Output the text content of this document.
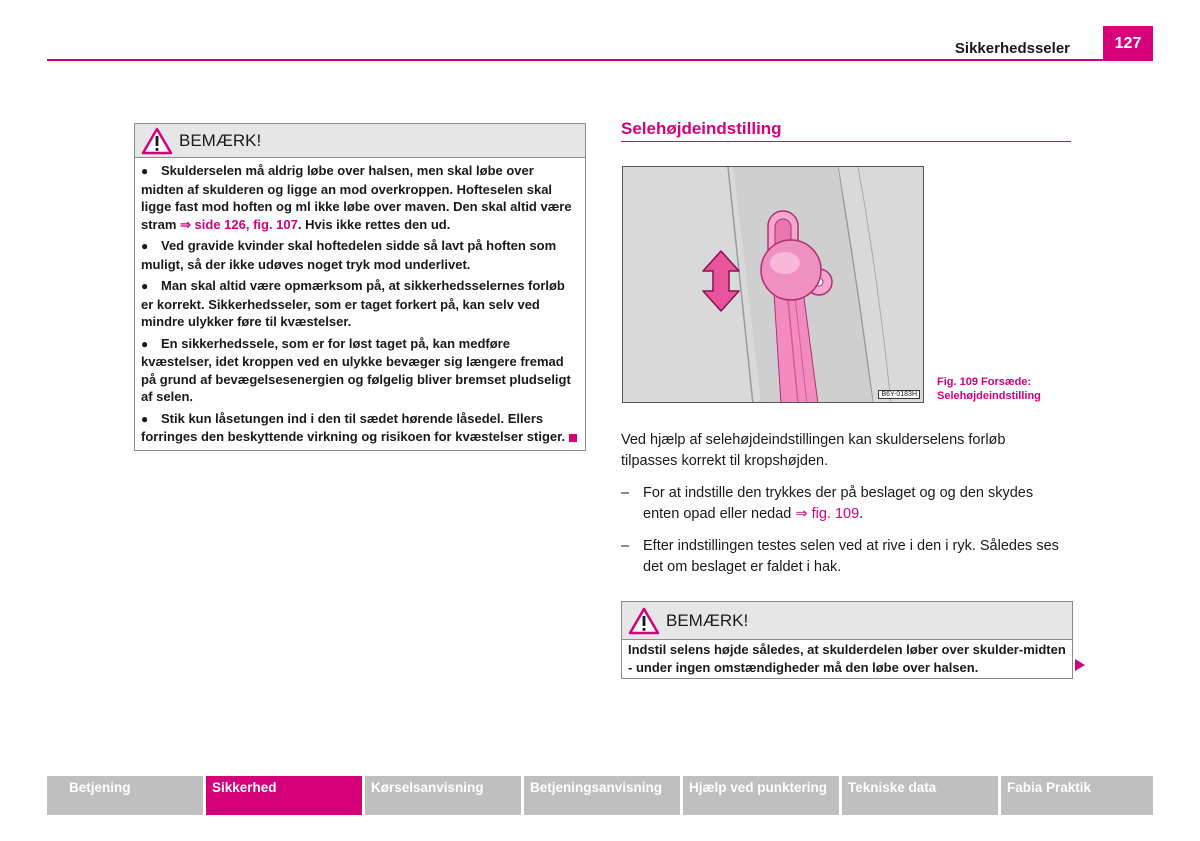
Sikkerhedsseler	127
BEMÆRK!

● Skulderselen må aldrig løbe over halsen, men skal løbe over midten af skulderen og ligge an mod overkroppen. Hofteselen skal ligge fast mod hoften og ml ikke løbe over maven. Den skal altid være stram ⇒ side 126, fig. 107. Hvis ikke rettes den ud.

● Ved gravide kvinder skal hoftedelen sidde så lavt på hoften som muligt, så der ikke udøves noget tryk mod underlivet.

● Man skal altid være opmærksom på, at sikkerhedsselernes forløb er korrekt. Sikkerhedsseler, som er taget forkert på, kan selv ved mindre ulykker føre til kvæstelser.

● En sikkerhedssele, som er for løst taget på, kan medføre kvæstelser, idet kroppen ved en ulykke bevæger sig længere fremad på grund af bevægelsesenergien og følgelig bliver bremset pludseligt af selen.

● Stik kun låsetungen ind i den til sædet hørende låsedel. Ellers forringes den beskyttende virkning og risikoen for kvæstelser stiger.

Selehøjdeindstilling
B6Y-0183H
Fig. 109 Forsæde:
Selehøjdeindstilling
Ved hjælp af selehøjdeindstillingen kan skulderselens forløb tilpasses korrekt til kropshøjden.
– For at indstille den trykkes der på beslaget og og den skydes enten opad eller nedad ⇒ fig. 109.
– Efter indstillingen testes selen ved at rive i den i ryk. Således ses det om beslaget er faldet i hak.
BEMÆRK!

Indstil selens højde således, at skulderdelen løber over skulder-midten - under ingen omstændigheder må den løbe over halsen.

Betjening	Sikkerhed	Kørselsanvisning	Betjeningsanvisning	Hjælp ved punktering	Tekniske data	Fabia Praktik
